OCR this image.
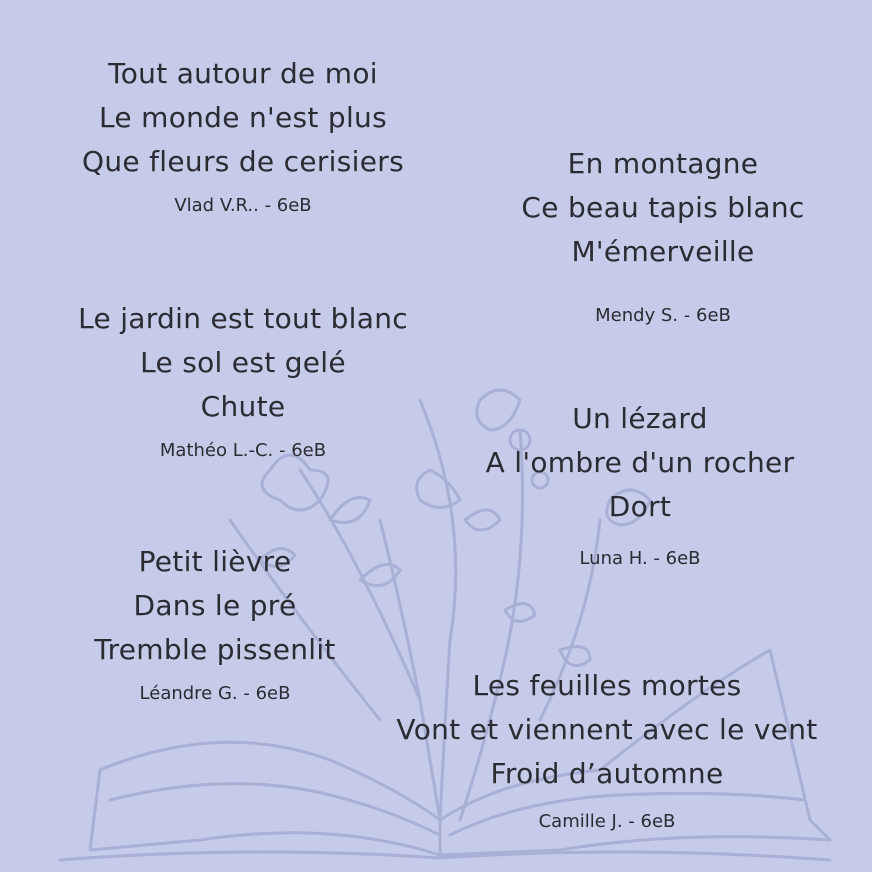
Tout autour de moi
Le monde n'est plus
Que fleurs de cerisiers
Vlad V.R.. - 6eB
Le jardin est tout blanc
Le sol est gelé
Chute
Mathéo L.-C. - 6eB
Petit lièvre
Dans le pré
Tremble pissenlit
Léandre G. - 6eB
En montagne
Ce beau tapis blanc
M'émerveille
Mendy S. - 6eB
Un lézard
A l'ombre d'un rocher
Dort
Luna H. - 6eB
Les feuilles mortes
Vont et viennent avec le vent
Froid d’automne
Camille J. - 6eB
